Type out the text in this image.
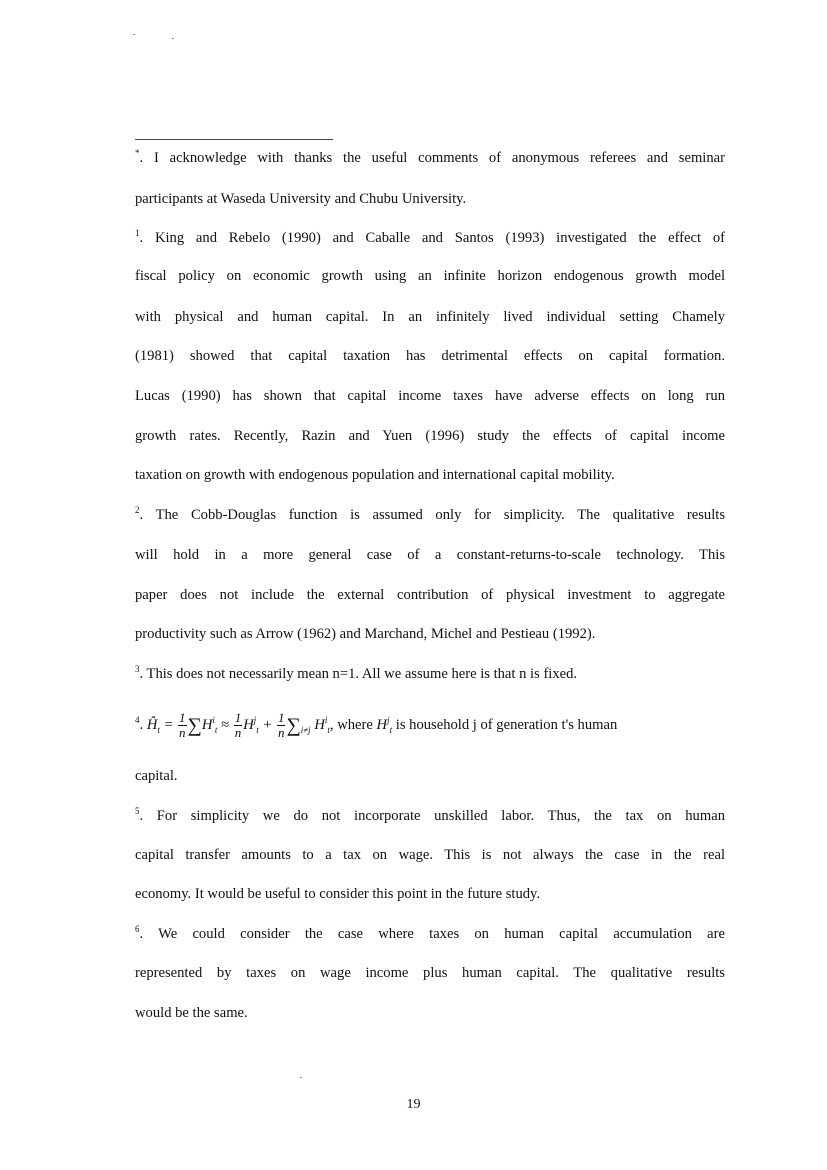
*. I acknowledge with thanks the useful comments of anonymous referees and seminar
participants at Waseda University and Chubu University.
$^1$. King and Rebelo (1990) and Caballe and Santos (1993) investigated the effect of
fiscal policy on economic growth using an infinite horizon endogenous growth model
with physical and human capital. In an infinitely lived individual setting Chamely
(1981) showed that capital taxation has detrimental effects on capital formation.
Lucas (1990) has shown that capital income taxes have adverse effects on long run
growth rates. Recently, Razin and Yuen (1996) study the effects of capital income
taxation on growth with endogenous population and international capital mobility.
$^2$. The Cobb-Douglas function is assumed only for simplicity. The qualitative results
will hold in a more general case of a constant-returns-to-scale technology. This
paper does not include the external contribution of physical investment to aggregate
productivity such as Arrow (1962) and Marchand, Michel and Pestieau (1992).
$^3$. This does not necessarily mean n=1. All we assume here is that n is fixed.
$^4$. $Ĥ_t = \frac{1}{n} \sum H^i_t \approx \frac{1}{n} H^j_t + \frac{1}{n} \sum_{i\ne j}$ $H^i_t$, where $H^j_t$ is household j of generation t's human
capital.
$^5$. For simplicity we do not incorporate unskilled labor. Thus, the tax on human
capital transfer amounts to a tax on wage. This is not always the case in the real
economy. It would be useful to consider this point in the future study.
$^6$. We could consider the case where taxes on human capital accumulation are
represented by taxes on wage income plus human capital. The qualitative results
would be the same.
19
